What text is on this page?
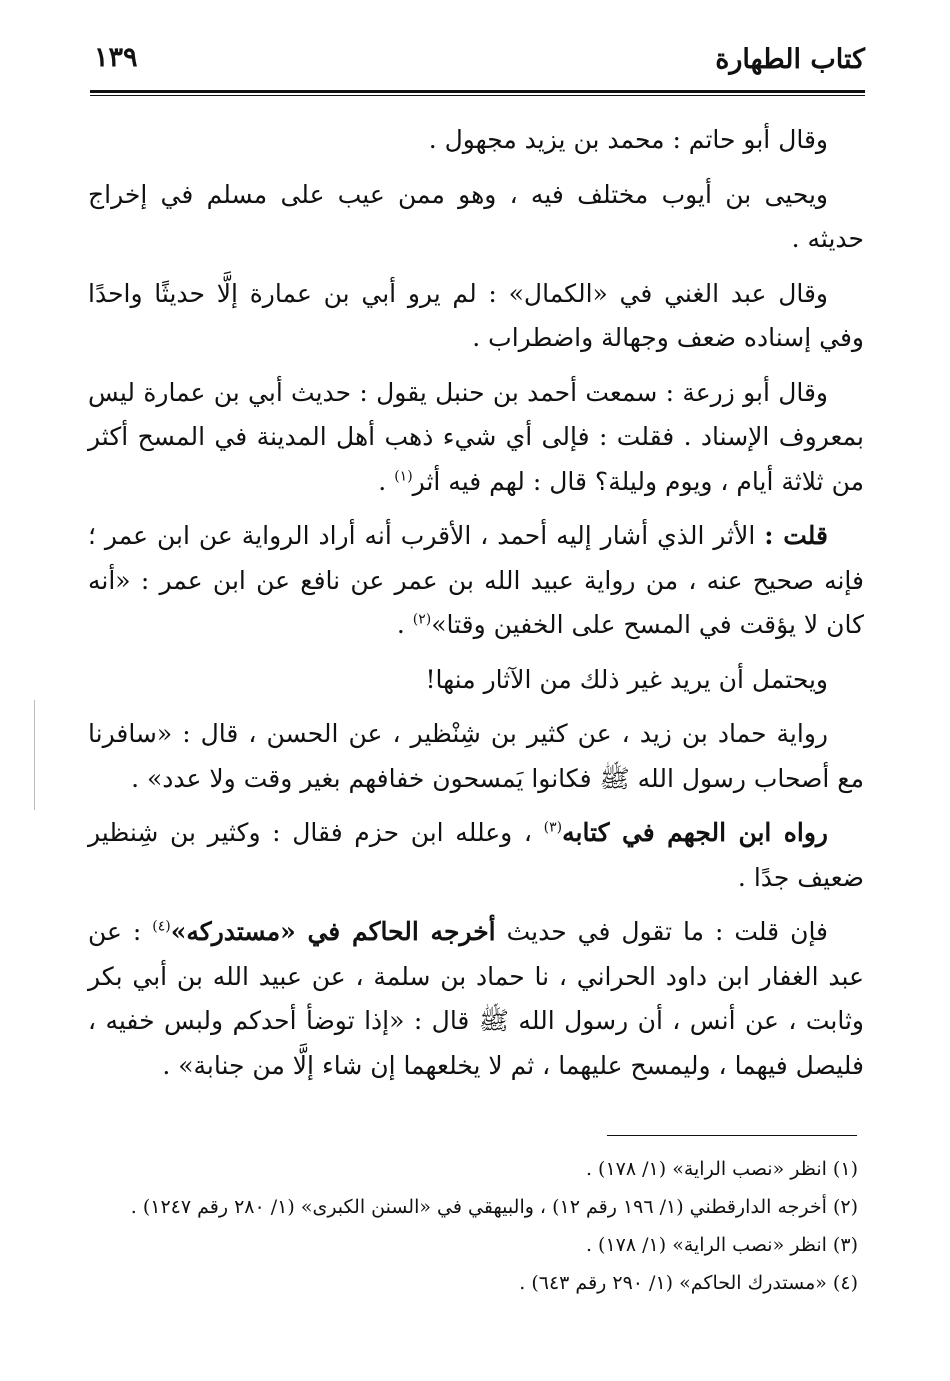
كتاب الطهارة
١٣٩

وقال أبو حاتم : محمد بن يزيد مجهول .

ويحيى بن أيوب مختلف فيه ، وهو ممن عيب على مسلم في إخراج حديثه .

وقال عبد الغني في «الكمال» : لم يرو أبي بن عمارة إلَّا حديثًا واحدًا وفي إسناده ضعف وجهالة واضطراب .

وقال أبو زرعة : سمعت أحمد بن حنبل يقول : حديث أبي بن عمارة ليس بمعروف الإسناد . فقلت : فإلى أي شيء ذهب أهل المدينة في المسح أكثر من ثلاثة أيام ، ويوم وليلة؟ قال : لهم فيه أثر$^{(١)}$ .

قلت : الأثر الذي أشار إليه أحمد ، الأقرب أنه أراد الرواية عن ابن عمر ؛ فإنه صحيح عنه ، من رواية عبيد الله بن عمر عن نافع عن ابن عمر : «أنه كان لا يؤقت في المسح على الخفين وقتا»$^{(٢)}$ .

ويحتمل أن يريد غير ذلك من الآثار منها!

رواية حماد بن زيد ، عن كثير بن شِنْظير ، عن الحسن ، قال : «سافرنا مع أصحاب رسول الله ﷺ فكانوا يَمسحون خفافهم بغير وقت ولا عدد» .

رواه ابن الجهم في كتابه$^{(٣)}$ ، وعلله ابن حزم فقال : وكثير بن شِنظير ضعيف جدًا .

فإن قلت : ما تقول في حديث أخرجه الحاكم في «مستدركه»$^{(٤)}$ : عن عبد الغفار ابن داود الحراني ، نا حماد بن سلمة ، عن عبيد الله بن أبي بكر وثابت ، عن أنس ، أن رسول الله ﷺ قال : «إذا توضأ أحدكم ولبس خفيه ، فليصل فيهما ، وليمسح عليهما ، ثم لا يخلعهما إن شاء إلَّا من جنابة» .

(١) انظر «نصب الراية» (١/ ١٧٨) .
(٢) أخرجه الدارقطني (١/ ١٩٦ رقم ١٢) ، والبيهقي في «السنن الكبرى» (١/ ٢٨٠ رقم ١٢٤٧) .
(٣) انظر «نصب الراية» (١/ ١٧٨) .
(٤) «مستدرك الحاكم» (١/ ٢٩٠ رقم ٦٤٣) .
